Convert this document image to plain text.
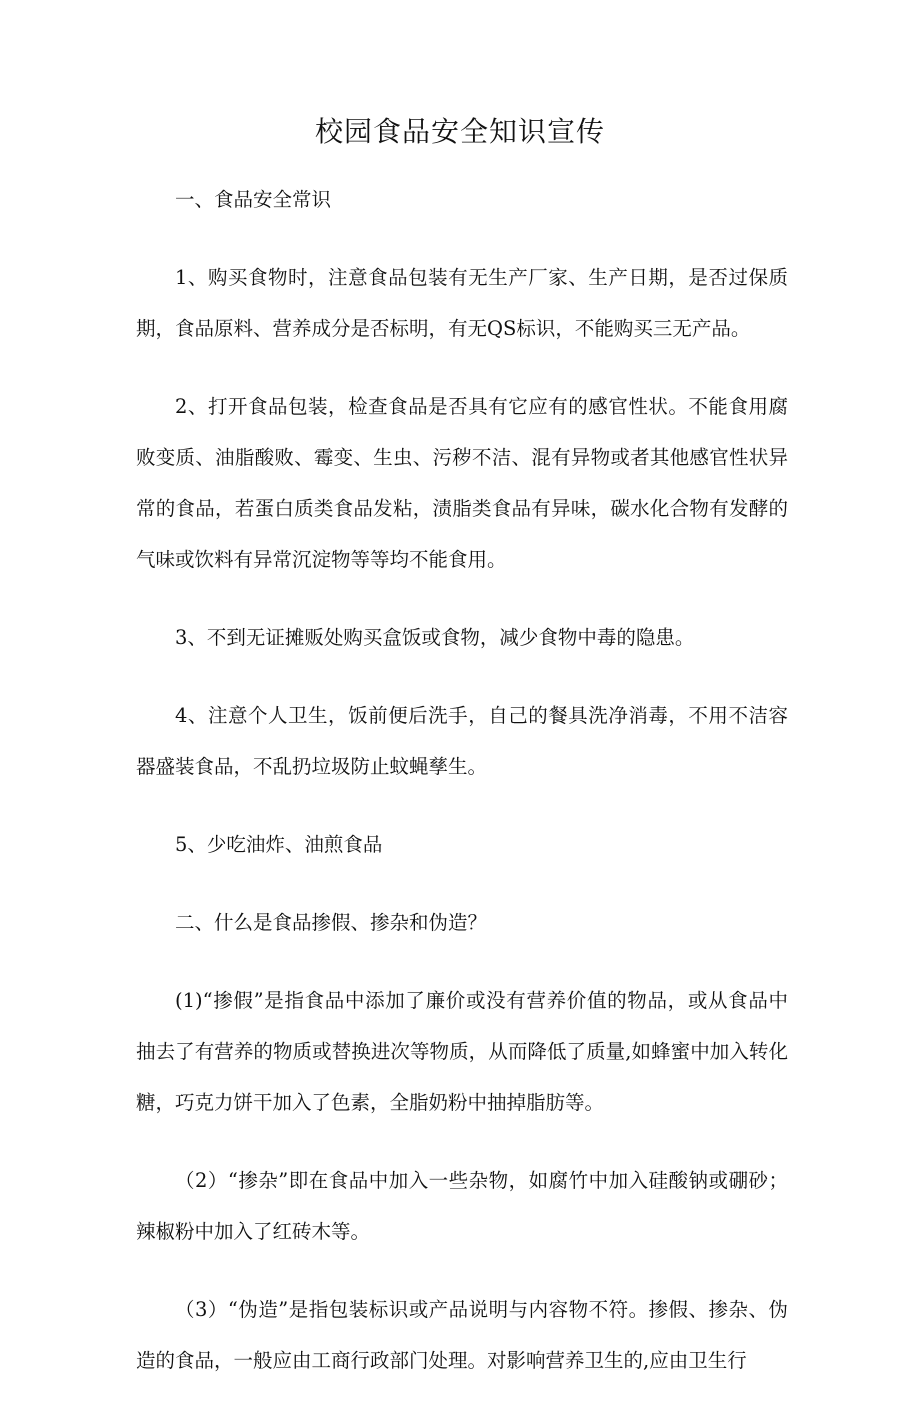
校园食品安全知识宣传

一、食品安全常识

1、购买食物时，注意食品包装有无生产厂家、生产日期，是否过保质期，食品原料、营养成分是否标明，有无QS标识，不能购买三无产品。

2、打开食品包装，检查食品是否具有它应有的感官性状。不能食用腐败变质、油脂酸败、霉变、生虫、污秽不洁、混有异物或者其他感官性状异常的食品，若蛋白质类食品发粘，渍脂类食品有异味，碳水化合物有发酵的气味或饮料有异常沉淀物等等均不能食用。

3、不到无证摊贩处购买盒饭或食物，减少食物中毒的隐患。

4、注意个人卫生，饭前便后洗手，自己的餐具洗净消毒，不用不洁容器盛装食品，不乱扔垃圾防止蚊蝇孳生。

5、少吃油炸、油煎食品

二、什么是食品掺假、掺杂和伪造？

(1)“掺假”是指食品中添加了廉价或没有营养价值的物品，或从食品中抽去了有营养的物质或替换进次等物质，从而降低了质量,如蜂蜜中加入转化糖，巧克力饼干加入了色素，全脂奶粉中抽掉脂肪等。

（2）“掺杂”即在食品中加入一些杂物，如腐竹中加入硅酸钠或硼砂；辣椒粉中加入了红砖木等。

（3）“伪造”是指包装标识或产品说明与内容物不符。掺假、掺杂、伪造的食品，一般应由工商行政部门处理。对影响营养卫生的,应由卫生行
